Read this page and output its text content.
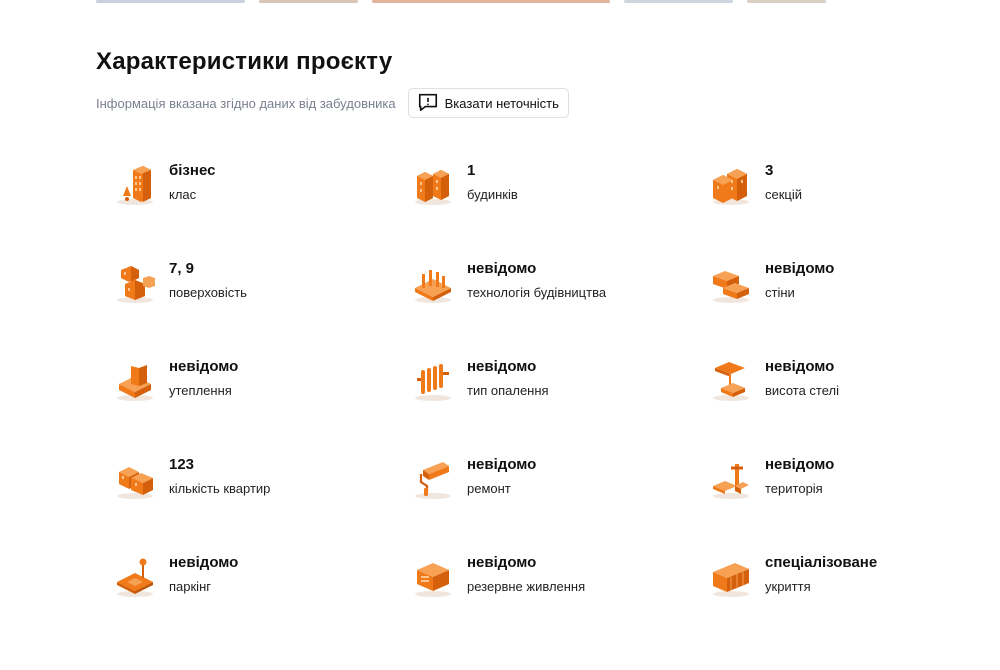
Характеристики проєкту
Інформація вказана згідно даних від забудовника	Вказати неточність
бізнес
клас
1
будинків
3
секцій
7, 9
поверховість
невідомо
технологія будівництва
невідомо
стіни
невідомо
утеплення
невідомо
тип опалення
невідомо
висота стелі
123
кількість квартир
невідомо
ремонт
невідомо
територія
невідомо
паркінг
невідомо
резервне живлення
спеціалізоване
укриття
